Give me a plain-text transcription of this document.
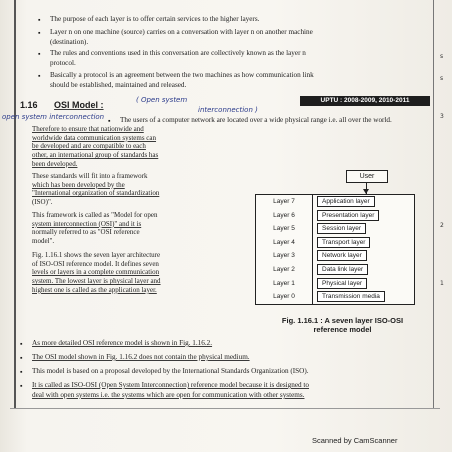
▪ The purpose of each layer is to offer certain services to the higher layers.
▪ Layer n on one machine (source) carries on a conversation with layer n on another machine
(destination).
▪ The rules and conventions used in this conversation are collectively known as the layer n
protocol.
▪ Basically a protocol is an agreement between the two machines as how communication link
should be established, maintained and released.
1.16 OSI Model :	( Open system
interconnection )
open system interconnection
UPTU : 2008-2009, 2010-2011
▪ The users of a computer network are located over a wide physical range i.e. all over the world.

Therefore to ensure that nationwide and

worldwide data communication systems can

be developed and are compatible to each

other, an international group of standards has

been developed.

These standards will fit into a framework

which has been developed by the

"International organization of standardization

(ISO)".

This framework is called as "Model for open

system interconnection (OSI)" and it is

normally referred to as "OSI reference

model".

Fig. 1.16.1 shows the seven layer architecture

of ISO-OSI reference model. It defines seven

levels or layers in a complete communication

system. The lowest layer is physical layer and

highest one is called as the application layer.

User
Layer 7	Application layer
Layer 6	Presentation layer
Layer 5	Session layer
Layer 4	Transport layer
Layer 3	Network layer
Layer 2	Data link layer
Layer 1	Physical layer
Layer 0	Transmission media
Fig. 1.16.1 : A seven layer ISO-OSI
reference model
▪ As more detailed OSI reference model is shown in Fig. 1.16.2.
▪ The OSI model shown in Fig. 1.16.2 does not contain the physical medium.
▪ This model is based on a proposal developed by the International Standards Organization (ISO).
▪ It is called as ISO-OSI (Open System Interconnection) reference model because it is designed to
deal with open systems i.e. the systems which are open for communication with other systems.
s
s
3
2
1
Scanned by CamScanner
